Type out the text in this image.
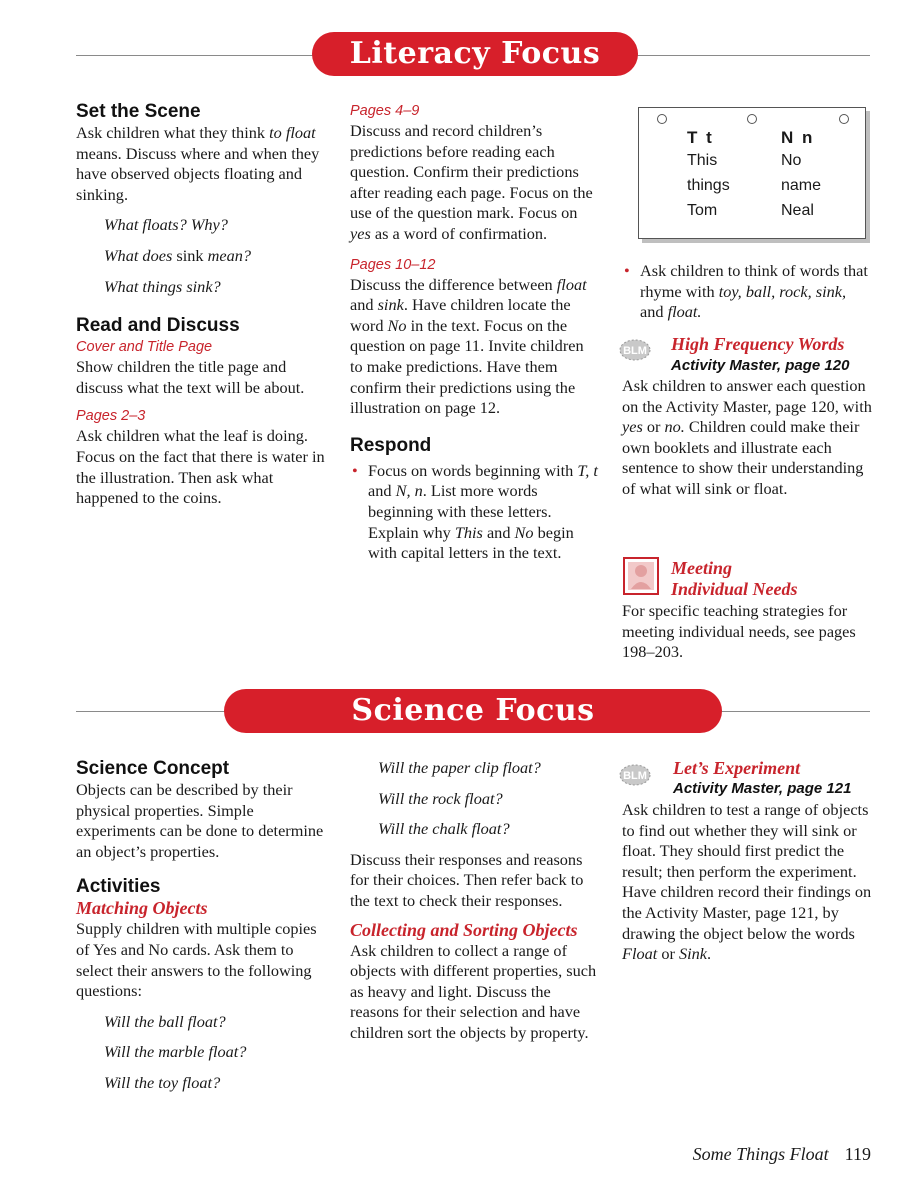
Literacy Focus
Set the Scene

Ask children what they think to float means. Discuss where and when they have observed objects floating and sinking.

What floats? Why?

What does sink mean?

What things sink?

Read and Discuss
Cover and Title Page

Show children the title page and discuss what the text will be about.

Pages 2–3

Ask children what the leaf is doing. Focus on the fact that there is water in the illustration. Then ask what happened to the coins.

Pages 4–9

Discuss and record children’s predictions before reading each question. Confirm their predictions after reading each page. Focus on the use of the question mark. Focus on yes as a word of confirmation.

Pages 10–12

Discuss the difference between float and sink. Have children locate the word No in the text. Focus on the question on page 11. Invite children to make predictions. Have them confirm their predictions using the illustration on page 12.

Respond
• Focus on words beginning with T, t and N, n. List more words beginning with these letters. Explain why This and No begin with capital letters in the text.
T t	N n
This	No
things	name
Tom	Neal
• Ask children to think of words that rhyme with toy, ball, rock, sink, and float.
BLM High Frequency Words
Activity Master, page 120

Ask children to answer each question on the Activity Master, page 120, with yes or no. Children could make their own booklets and illustrate each sentence to show their understanding of what will sink or float.

Meeting
Individual Needs

For specific teaching strategies for meeting individual needs, see pages 198–203.

Science Focus
Science Concept

Objects can be described by their physical properties. Simple experiments can be done to determine an object’s properties.

Activities
Matching Objects

Supply children with multiple copies of Yes and No cards. Ask them to select their answers to the following questions:

Will the ball float?

Will the marble float?

Will the toy float?

Will the paper clip float?

Will the rock float?

Will the chalk float?

Discuss their responses and reasons for their choices. Then refer back to the text to check their responses.

Collecting and Sorting Objects

Ask children to collect a range of objects with different properties, such as heavy and light. Discuss the reasons for their selection and have children sort the objects by property.

BLM Let’s Experiment
Activity Master, page 121

Ask children to test a range of objects to find out whether they will sink or float. They should first predict the result; then perform the experiment. Have children record their findings on the Activity Master, page 121, by drawing the object below the words Float or Sink.

Some Things Float 119
